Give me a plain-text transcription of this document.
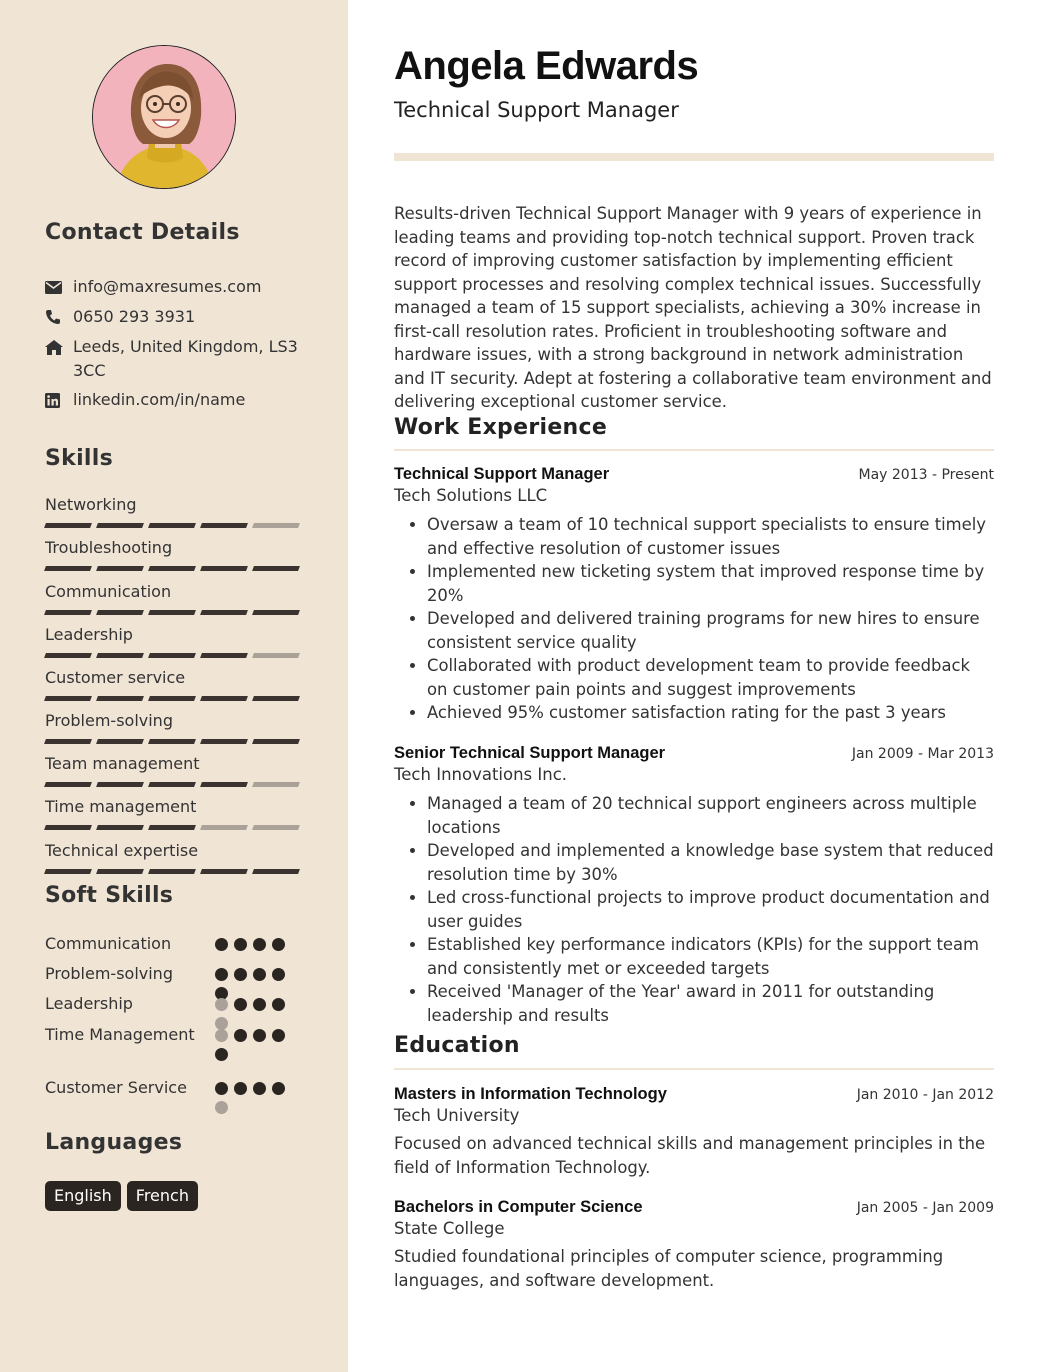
Contact Details
info@maxresumes.com
0650 293 3931
Leeds, United Kingdom, LS3 3CC
linkedin.com/in/name
Skills
Networking
Troubleshooting
Communication
Leadership
Customer service
Problem-solving
Team management
Time management
Technical expertise
Soft Skills
Communication
Problem-solving
Leadership
Time Management
Customer Service
Languages
English	French
Angela Edwards
Technical Support Manager

Results-driven Technical Support Manager with 9 years of experience in leading teams and providing top-notch technical support. Proven track record of improving customer satisfaction by implementing efficient support processes and resolving complex technical issues. Successfully managed a team of 15 support specialists, achieving a 30% increase in first-call resolution rates. Proficient in troubleshooting software and hardware issues, with a strong background in network administration and IT security. Adept at fostering a collaborative team environment and delivering exceptional customer service.

Work Experience
Technical Support Manager	May 2013 - Present
Tech Solutions LLC
• Oversaw a team of 10 technical support specialists to ensure timely and effective resolution of customer issues
• Implemented new ticketing system that improved response time by 20%
• Developed and delivered training programs for new hires to ensure consistent service quality
• Collaborated with product development team to provide feedback on customer pain points and suggest improvements
• Achieved 95% customer satisfaction rating for the past 3 years
Senior Technical Support Manager	Jan 2009 - Mar 2013
Tech Innovations Inc.
• Managed a team of 20 technical support engineers across multiple locations
• Developed and implemented a knowledge base system that reduced resolution time by 30%
• Led cross-functional projects to improve product documentation and user guides
• Established key performance indicators (KPIs) for the support team and consistently met or exceeded targets
• Received 'Manager of the Year' award in 2011 for outstanding leadership and results
Education
Masters in Information Technology	Jan 2010 - Jan 2012
Tech University
Focused on advanced technical skills and management principles in the field of Information Technology.
Bachelors in Computer Science	Jan 2005 - Jan 2009
State College
Studied foundational principles of computer science, programming languages, and software development.
